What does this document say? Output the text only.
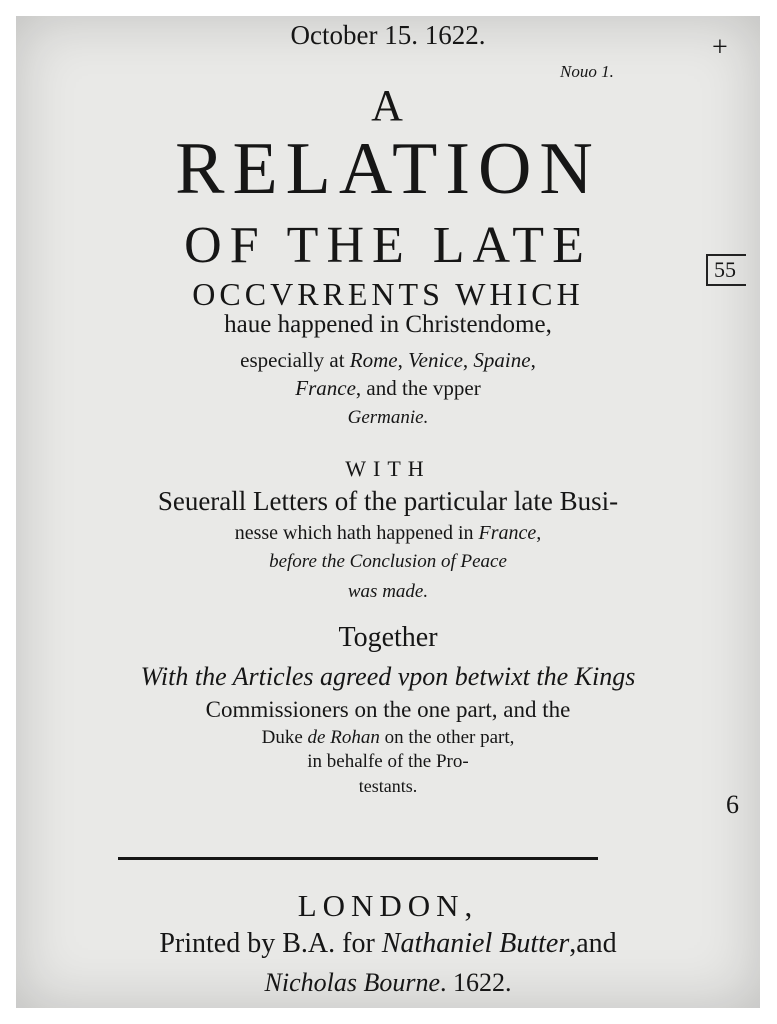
October 15. 1622.
Nouo 1.
+
55
6
A
RELATION
OF THE LATE
OCCVRRENTS WHICH
haue happened in Christendome,
especially at Rome, Venice, Spaine,
France, and the vpper
Germanie.
WITH
Seuerall Letters of the particular late Busi-
nesse which hath happened in France,
before the Conclusion of Peace
was made.
Together
With the Articles agreed vpon betwixt the Kings
Commissioners on the one part, and the
Duke de Rohan on the other part,
in behalfe of the Pro-
testants.
LONDON,
Printed by B.A. for Nathaniel Butter,and
Nicholas Bourne. 1622.
